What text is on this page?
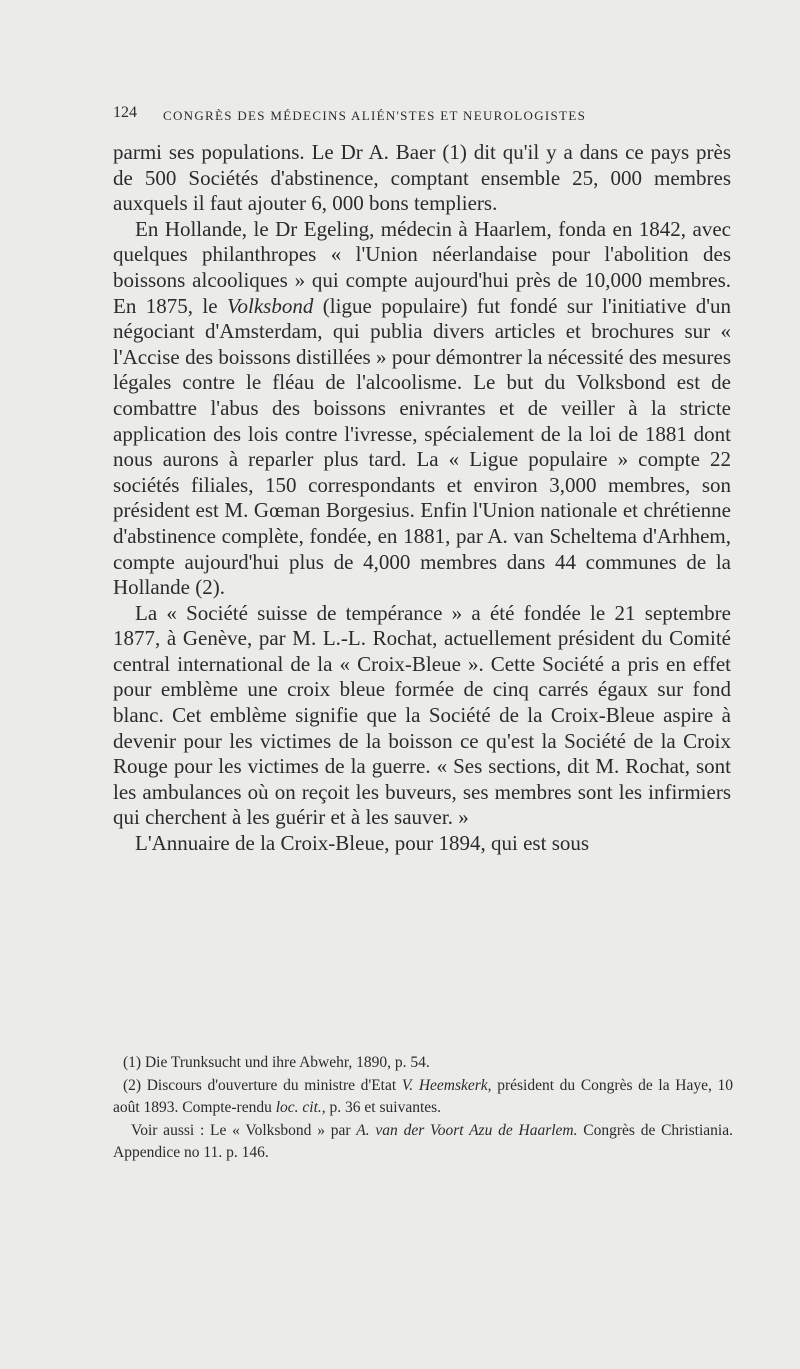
124 CONGRÈS DES MÉDECINS ALIÉN'STES ET NEUROLOGISTES

parmi ses populations. Le Dr A. Baer (1) dit qu'il y a dans ce pays près de 500 Sociétés d'abstinence, comptant ensemble 25, 000 membres auxquels il faut ajouter 6, 000 bons templiers.

En Hollande, le Dr Egeling, médecin à Haarlem, fonda en 1842, avec quelques philanthropes « l'Union néerlandaise pour l'abolition des boissons alcooliques » qui compte aujourd'hui près de 10,000 membres. En 1875, le Volksbond (ligue populaire) fut fondé sur l'initiative d'un négociant d'Amsterdam, qui publia divers articles et brochures sur « l'Accise des boissons distillées » pour démontrer la nécessité des mesures légales contre le fléau de l'alcoolisme. Le but du Volksbond est de combattre l'abus des boissons enivrantes et de veiller à la stricte application des lois contre l'ivresse, spécialement de la loi de 1881 dont nous aurons à reparler plus tard. La « Ligue populaire » compte 22 sociétés filiales, 150 correspondants et environ 3,000 membres, son président est M. Gœman Borgesius. Enfin l'Union nationale et chrétienne d'abstinence complète, fondée, en 1881, par A. van Scheltema d'Arhhem, compte aujourd'hui plus de 4,000 membres dans 44 communes de la Hollande (2).

La « Société suisse de tempérance » a été fondée le 21 septembre 1877, à Genève, par M. L.-L. Rochat, actuellement président du Comité central international de la « Croix-Bleue ». Cette Société a pris en effet pour emblème une croix bleue formée de cinq carrés égaux sur fond blanc. Cet emblème signifie que la Société de la Croix-Bleue aspire à devenir pour les victimes de la boisson ce qu'est la Société de la Croix Rouge pour les victimes de la guerre. « Ses sections, dit M. Rochat, sont les ambulances où on reçoit les buveurs, ses membres sont les infirmiers qui cherchent à les guérir et à les sauver. »

L'Annuaire de la Croix-Bleue, pour 1894, qui est sous

(1) Die Trunksucht und ihre Abwehr, 1890, p. 54.

(2) Discours d'ouverture du ministre d'Etat V. Heemskerk, président du Congrès de la Haye, 10 août 1893. Compte-rendu loc. cit., p. 36 et suivantes.

Voir aussi : Le « Volksbond » par A. van der Voort Azu de Haarlem. Congrès de Christiania. Appendice no 11. p. 146.
